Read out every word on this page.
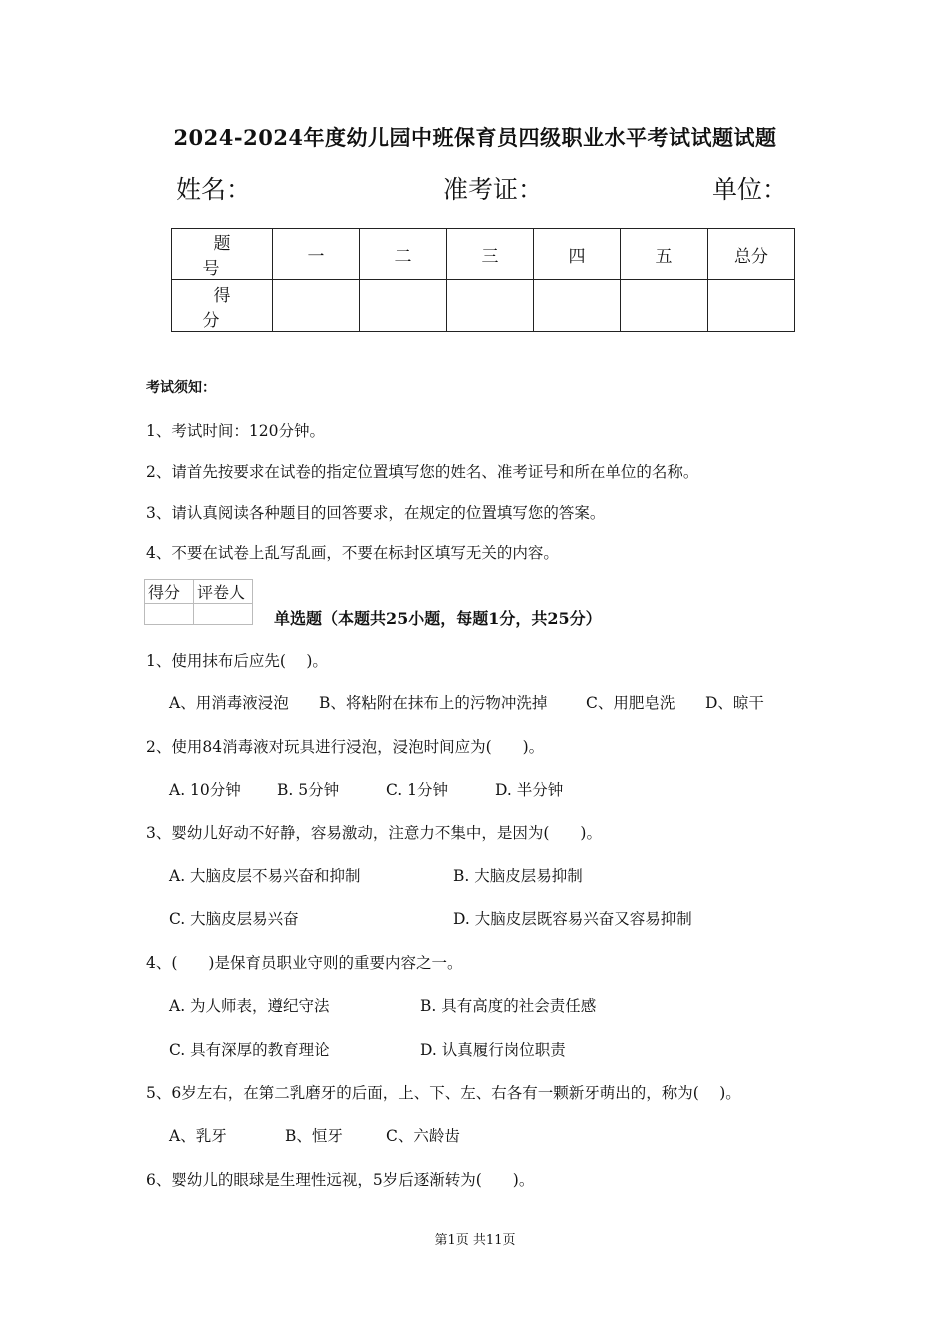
2024-2024年度幼儿园中班保育员四级职业水平考试试题试题
姓名：	准考证：	单位：
题　号	一	二	三	四	五	总分
得　分						
考试须知：
1、考试时间：120分钟。
2、请首先按要求在试卷的指定位置填写您的姓名、准考证号和所在单位的名称。
3、请认真阅读各种题目的回答要求，在规定的位置填写您的答案。
4、不要在试卷上乱写乱画，不要在标封区填写无关的内容。
得分	评卷人

单选题（本题共25小题，每题1分，共25分）
1、使用抹布后应先(　 )。
A、用消毒液浸泡 B、将粘附在抹布上的污物冲洗掉 C、用肥皂洗 D、晾干
2、使用84消毒液对玩具进行浸泡，浸泡时间应为(　　)。
A. 10分钟 B. 5分钟	C. 1分钟	D. 半分钟
3、婴幼儿好动不好静，容易激动，注意力不集中，是因为(　　)。
A. 大脑皮层不易兴奋和抑制	B. 大脑皮层易抑制
C. 大脑皮层易兴奋	D. 大脑皮层既容易兴奋又容易抑制
4、(　　)是保育员职业守则的重要内容之一。
A. 为人师表，遵纪守法	B. 具有高度的社会责任感
C. 具有深厚的教育理论	D. 认真履行岗位职责
5、6岁左右，在第二乳磨牙的后面，上、下、左、右各有一颗新牙萌出的，称为(　 )。
A、乳牙	B、恒牙	C、六龄齿
6、婴幼儿的眼球是生理性远视，5岁后逐渐转为(　　)。
第1页 共11页
